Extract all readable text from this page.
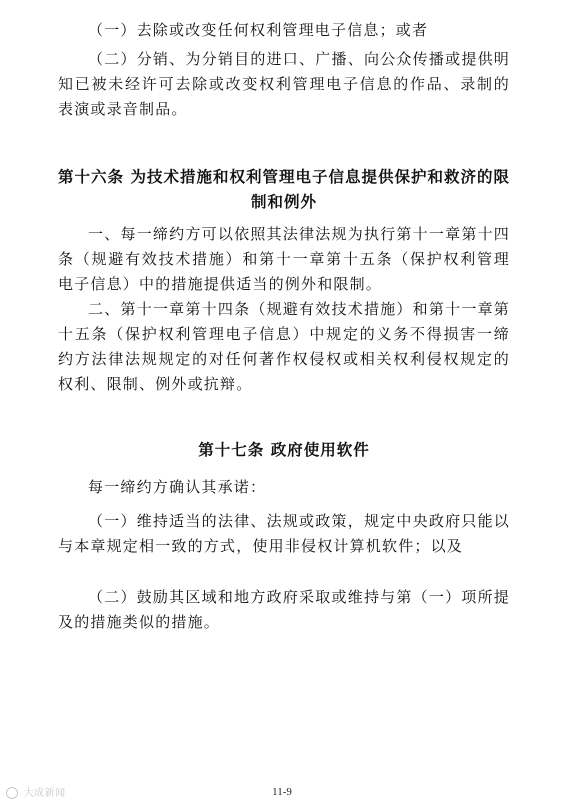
（一）去除或改变任何权利管理电子信息；或者

（二）分销、为分销目的进口、广播、向公众传播或提供明知已被未经许可去除或改变权利管理电子信息的作品、录制的表演或录音制品。

第十六条 为技术措施和权利管理电子信息提供保护和救济的限制和例外

一、每一缔约方可以依照其法律法规为执行第十一章第十四条（规避有效技术措施）和第十一章第十五条（保护权利管理电子信息）中的措施提供适当的例外和限制。

二、第十一章第十四条（规避有效技术措施）和第十一章第十五条（保护权利管理电子信息）中规定的义务不得损害一缔约方法律法规规定的对任何著作权侵权或相关权利侵权规定的权利、限制、例外或抗辩。

第十七条 政府使用软件

每一缔约方确认其承诺：

（一）维持适当的法律、法规或政策，规定中央政府只能以与本章规定相一致的方式，使用非侵权计算机软件；以及

（二）鼓励其区域和地方政府采取或维持与第（一）项所提及的措施类似的措施。

大成新闻	11-9
